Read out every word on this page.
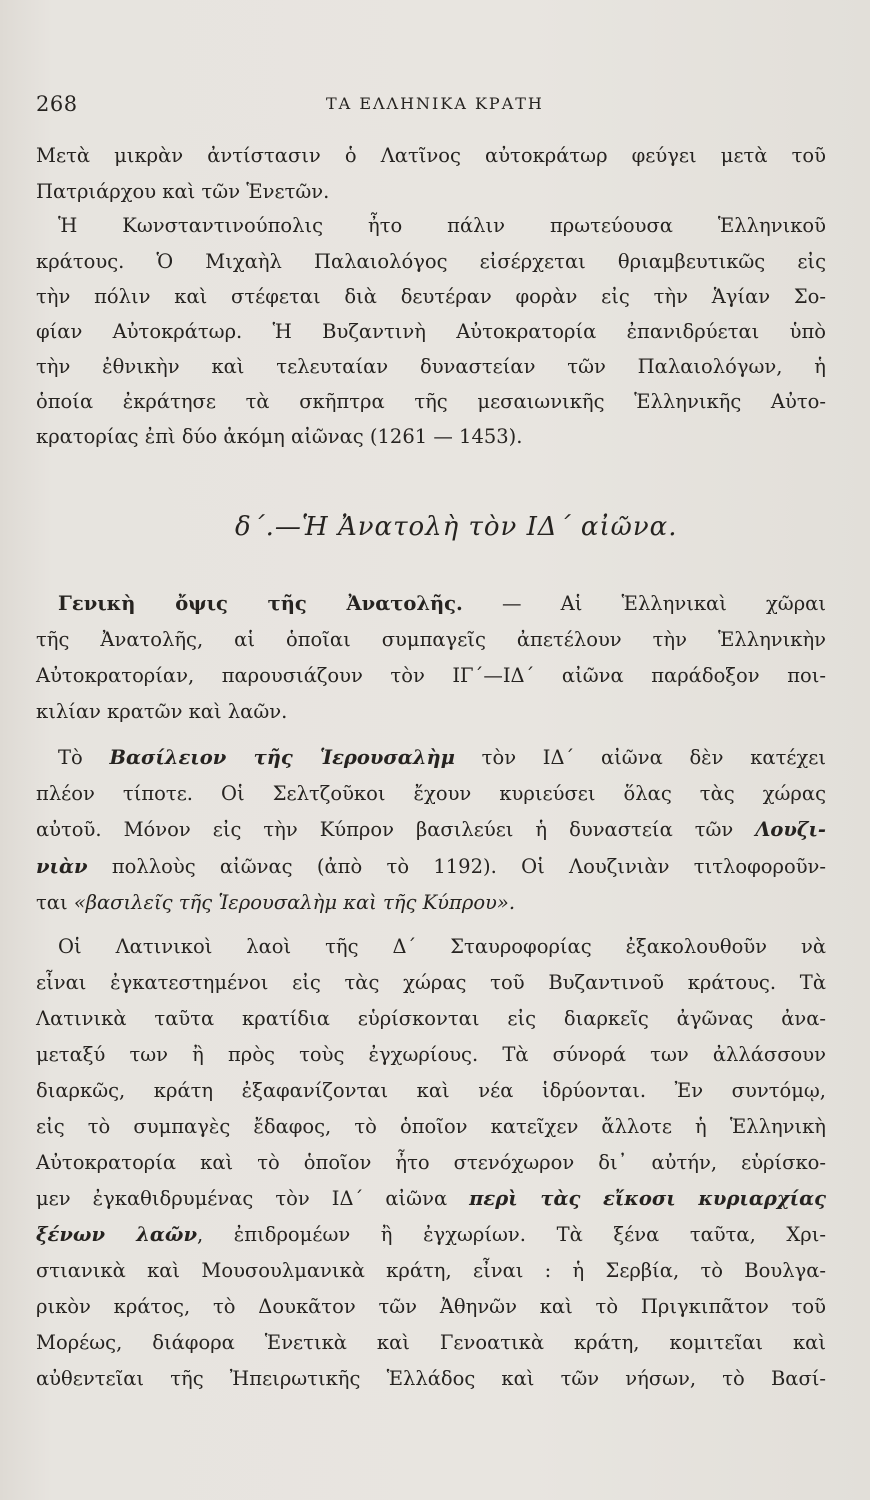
268	ΤΑ ΕΛΛΗΝΙΚΑ ΚΡΑΤΗ
Μετὰ μικρὰν ἀντίστασιν ὁ Λατῖνος αὐτοκράτωρ φεύγει μετὰ τοῦ
Πατριάρχου καὶ τῶν Ἑνετῶν.
Ἡ Κωνσταντινούπολις ἦτο πάλιν πρωτεύουσα Ἑλληνικοῦ
κράτους. Ὁ Μιχαὴλ Παλαιολόγος εἰσέρχεται θριαμβευτικῶς εἰς
τὴν πόλιν καὶ στέφεται διὰ δευτέραν φορὰν εἰς τὴν Ἁγίαν Σο-
φίαν Αὐτοκράτωρ. Ἡ Βυζαντινὴ Αὐτοκρατορία ἐπανιδρύεται ὑπὸ
τὴν ἐθνικὴν καὶ τελευταίαν δυναστείαν τῶν Παλαιολόγων, ἡ
ὁποία ἐκράτησε τὰ σκῆπτρα τῆς μεσαιωνικῆς Ἑλληνικῆς Αὐτο-
κρατορίας ἐπὶ δύο ἀκόμη αἰῶνας (1261 — 1453).
δ΄.—Ἡ Ἀνατολὴ τὸν ΙΔ΄ αἰῶνα.
Γενικὴ ὄψις τῆς Ἀνατολῆς. — Αἱ Ἑλληνικαὶ χῶραι
τῆς Ἀνατολῆς, αἱ ὁποῖαι συμπαγεῖς ἀπετέλουν τὴν Ἑλληνικὴν
Αὐτοκρατορίαν, παρουσιάζουν τὸν ΙΓ΄—ΙΔ΄ αἰῶνα παράδοξον ποι-
κιλίαν κρατῶν καὶ λαῶν.
Τὸ Βασίλειον τῆς Ἱερουσαλὴμ τὸν ΙΔ΄ αἰῶνα δὲν κατέχει
πλέον τίποτε. Οἱ Σελτζοῦκοι ἔχουν κυριεύσει ὅλας τὰς χώρας
αὐτοῦ. Μόνον εἰς τὴν Κύπρον βασιλεύει ἡ δυναστεία τῶν Λουζι-
νιὰν πολλοὺς αἰῶνας (ἀπὸ τὸ 1192). Οἱ Λουζινιὰν τιτλοφοροῦν-
ται «βασιλεῖς τῆς Ἱερουσαλὴμ καὶ τῆς Κύπρου».
Οἱ Λατινικοὶ λαοὶ τῆς Δ΄ Σταυροφορίας ἐξακολουθοῦν νὰ
εἶναι ἐγκατεστημένοι εἰς τὰς χώρας τοῦ Βυζαντινοῦ κράτους. Τὰ
Λατινικὰ ταῦτα κρατίδια εὑρίσκονται εἰς διαρκεῖς ἀγῶνας ἀνα-
μεταξύ των ἢ πρὸς τοὺς ἐγχωρίους. Τὰ σύνορά των ἀλλάσσουν
διαρκῶς, κράτη ἐξαφανίζονται καὶ νέα ἱδρύονται. Ἐν συντόμῳ,
εἰς τὸ συμπαγὲς ἔδαφος, τὸ ὁποῖον κατεῖχεν ἄλλοτε ἡ Ἑλληνικὴ
Αὐτοκρατορία καὶ τὸ ὁποῖον ἦτο στενόχωρον δι᾽ αὐτήν, εὑρίσκο-
μεν ἐγκαθιδρυμένας τὸν ΙΔ΄ αἰῶνα περὶ τὰς εἴκοσι κυριαρχίας
ξένων λαῶν, ἐπιδρομέων ἢ ἐγχωρίων. Τὰ ξένα ταῦτα, Χρι-
στιανικὰ καὶ Μουσουλμανικὰ κράτη, εἶναι : ἡ Σερβία, τὸ Βουλγα-
ρικὸν κράτος, τὸ Δουκᾶτον τῶν Ἀθηνῶν καὶ τὸ Πριγκιπᾶτον τοῦ
Μορέως, διάφορα Ἑνετικὰ καὶ Γενοατικὰ κράτη, κομιτεῖαι καὶ
αὐθεντεῖαι τῆς Ἠπειρωτικῆς Ἑλλάδος καὶ τῶν νήσων, τὸ Βασί-
